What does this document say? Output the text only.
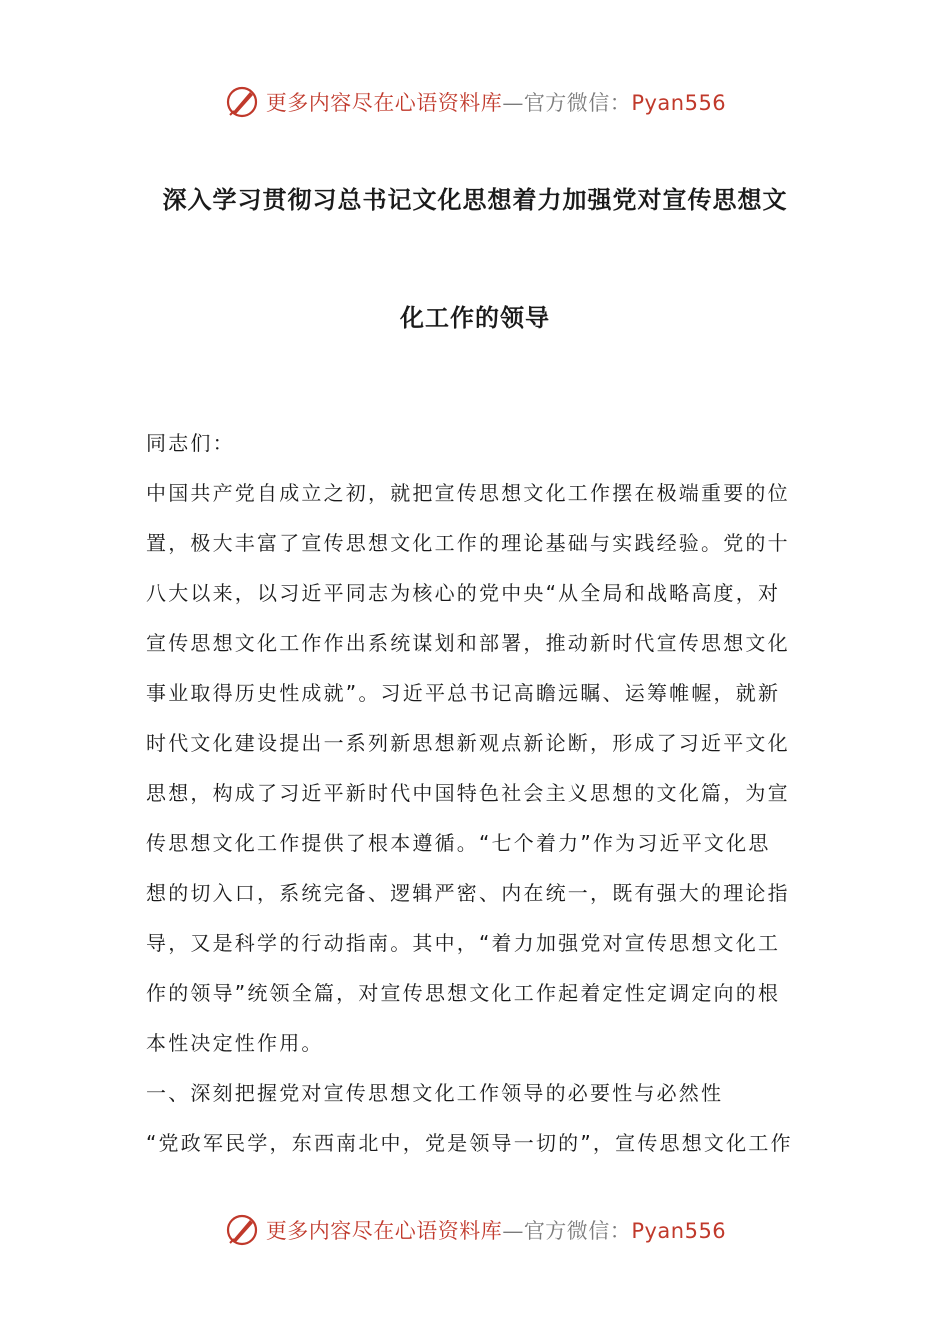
更多内容尽在心语资料库—官方微信：Pyan556
深入学习贯彻习总书记文化思想着力加强党对宣传思想文
化工作的领导

同志们：

中国共产党自成立之初，就把宣传思想文化工作摆在极端重要的位

置，极大丰富了宣传思想文化工作的理论基础与实践经验。党的十

八大以来，以习近平同志为核心的党中央“从全局和战略高度，对

宣传思想文化工作作出系统谋划和部署，推动新时代宣传思想文化

事业取得历史性成就”。习近平总书记高瞻远瞩、运筹帷幄，就新

时代文化建设提出一系列新思想新观点新论断，形成了习近平文化

思想，构成了习近平新时代中国特色社会主义思想的文化篇，为宣

传思想文化工作提供了根本遵循。“七个着力”作为习近平文化思

想的切入口，系统完备、逻辑严密、内在统一，既有强大的理论指

导，又是科学的行动指南。其中，“着力加强党对宣传思想文化工

作的领导”统领全篇，对宣传思想文化工作起着定性定调定向的根

本性决定性作用。

一、深刻把握党对宣传思想文化工作领导的必要性与必然性

“党政军民学，东西南北中，党是领导一切的”，宣传思想文化工作

更多内容尽在心语资料库—官方微信：Pyan556
